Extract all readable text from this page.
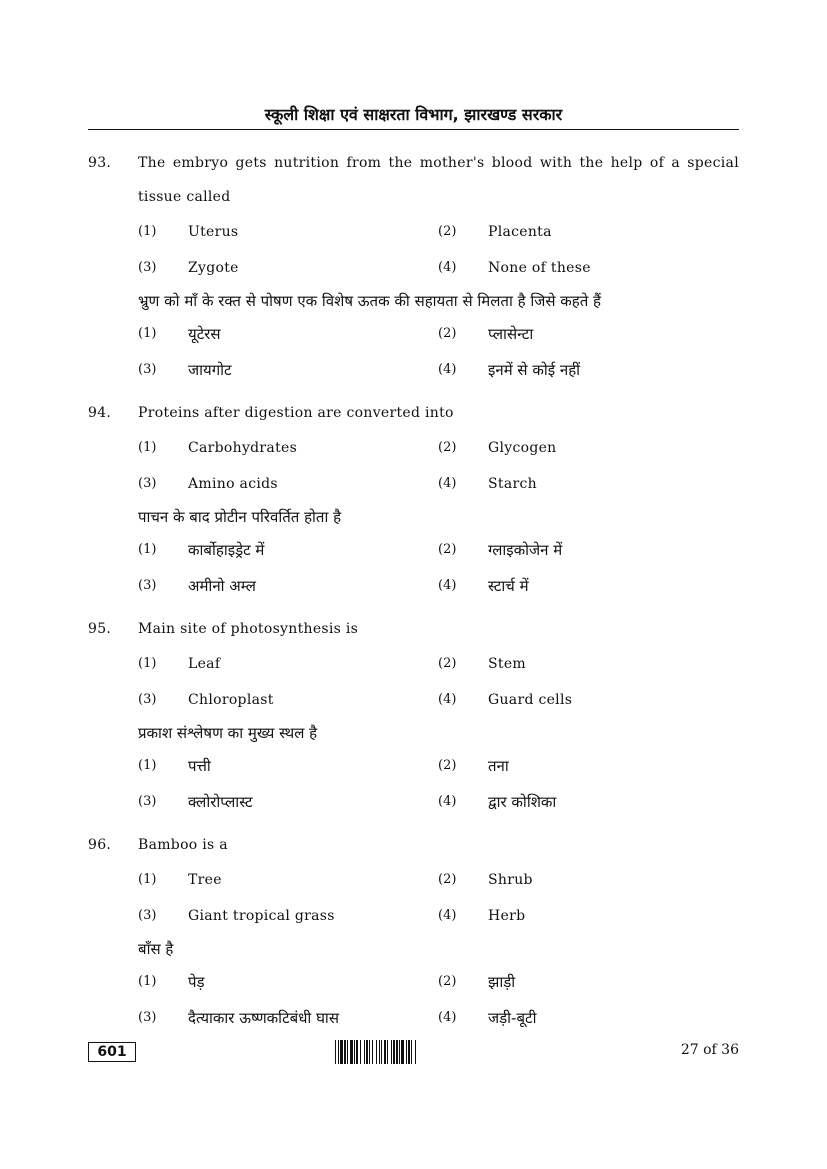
स्कूली शिक्षा एवं साक्षरता विभाग, झारखण्ड सरकार
93.	The embryo gets nutrition from the mother's blood with the help of a special tissue called
(1)	Uterus	(2)	Placenta
(3)	Zygote	(4)	None of these
भ्रुण को माँ के रक्त से पोषण एक विशेष ऊतक की सहायता से मिलता है जिसे कहते हैं
(1)	यूटेरस	(2)	प्लासेन्टा
(3)	जायगोट	(4)	इनमें से कोई नहीं
94.	Proteins after digestion are converted into
(1)	Carbohydrates	(2)	Glycogen
(3)	Amino acids	(4)	Starch
पाचन के बाद प्रोटीन परिवर्तित होता है
(1)	कार्बोहाइड्रेट में	(2)	ग्लाइकोजेन में
(3)	अमीनो अम्ल	(4)	स्टार्च में
95.	Main site of photosynthesis is
(1)	Leaf	(2)	Stem
(3)	Chloroplast	(4)	Guard cells
प्रकाश संश्लेषण का मुख्य स्थल है
(1)	पत्ती	(2)	तना
(3)	क्लोरोप्लास्ट	(4)	द्वार कोशिका
96.	Bamboo is a
(1)	Tree	(2)	Shrub
(3)	Giant tropical grass	(4)	Herb
बाँस है
(1)	पेड़	(2)	झाड़ी
(3)	दैत्याकार ऊष्णकटिबंधी घास	(4)	जड़ी-बूटी
601	27 of 36
